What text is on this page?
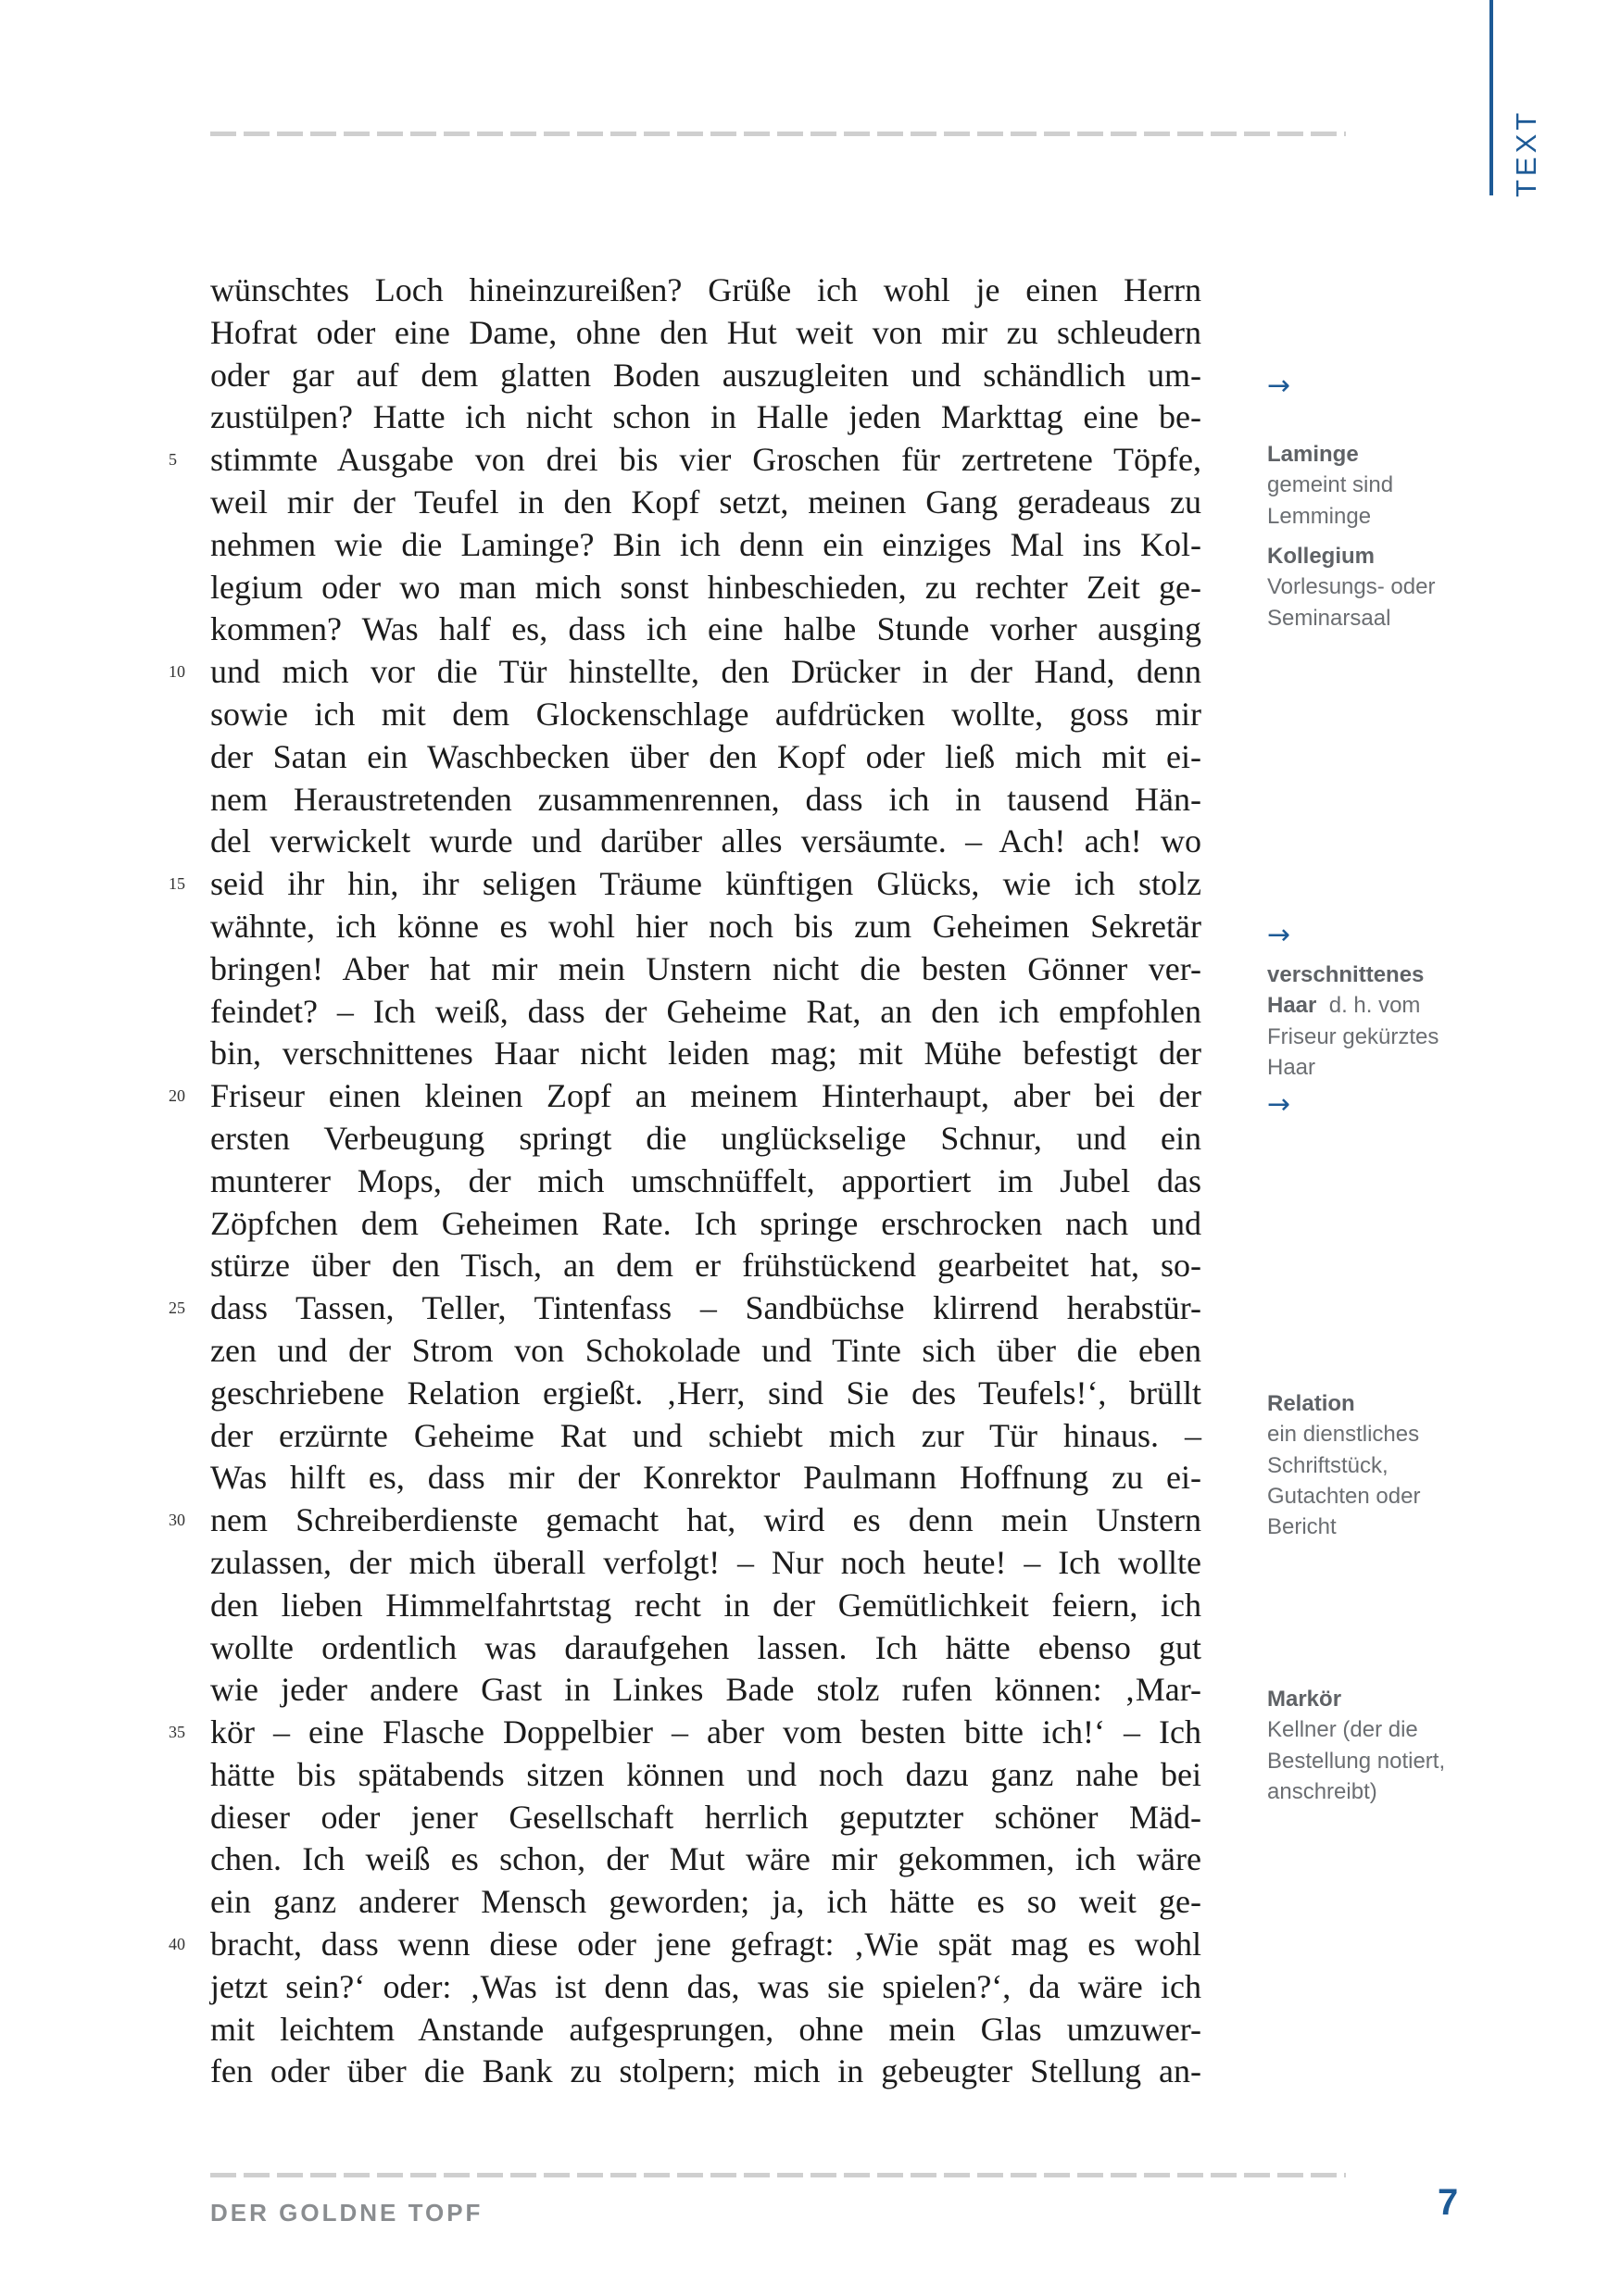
TEXT
wünschtes Loch hineinzureißen? Grüße ich wohl je einen Herrn
Hofrat oder eine Dame, ohne den Hut weit von mir zu schleudern
oder gar auf dem glatten Boden auszugleiten und schändlich um-
zustülpen? Hatte ich nicht schon in Halle jeden Markttag eine be-
stimmte Ausgabe von drei bis vier Groschen für zertretene Töpfe,
5
weil mir der Teufel in den Kopf setzt, meinen Gang geradeaus zu
nehmen wie die Laminge? Bin ich denn ein einziges Mal ins Kol-
legium oder wo man mich sonst hinbeschieden, zu rechter Zeit ge-
kommen? Was half es, dass ich eine halbe Stunde vorher ausging
und mich vor die Tür hinstellte, den Drücker in der Hand, denn
10
sowie ich mit dem Glockenschlage aufdrücken wollte, goss mir
der Satan ein Waschbecken über den Kopf oder ließ mich mit ei-
nem Heraustretenden zusammenrennen, dass ich in tausend Hän-
del verwickelt wurde und darüber alles versäumte. – Ach! ach! wo
seid ihr hin, ihr seligen Träume künftigen Glücks, wie ich stolz
15
wähnte, ich könne es wohl hier noch bis zum Geheimen Sekretär
bringen! Aber hat mir mein Unstern nicht die besten Gönner ver-
feindet? – Ich weiß, dass der Geheime Rat, an den ich empfohlen
bin, verschnittenes Haar nicht leiden mag; mit Mühe befestigt der
Friseur einen kleinen Zopf an meinem Hinterhaupt, aber bei der
20
ersten Verbeugung springt die unglückselige Schnur, und ein
munterer Mops, der mich umschnüffelt, apportiert im Jubel das
Zöpfchen dem Geheimen Rate. Ich springe erschrocken nach und
stürze über den Tisch, an dem er frühstückend gearbeitet hat, so-
dass Tassen, Teller, Tintenfass – Sandbüchse klirrend herabstür-
25
zen und der Strom von Schokolade und Tinte sich über die eben
geschriebene Relation ergießt. ‚Herr, sind Sie des Teufels!‘, brüllt
der erzürnte Geheime Rat und schiebt mich zur Tür hinaus. –
Was hilft es, dass mir der Konrektor Paulmann Hoffnung zu ei-
nem Schreiberdienste gemacht hat, wird es denn mein Unstern
30
zulassen, der mich überall verfolgt! – Nur noch heute! – Ich wollte
den lieben Himmelfahrtstag recht in der Gemütlichkeit feiern, ich
wollte ordentlich was daraufgehen lassen. Ich hätte ebenso gut
wie jeder andere Gast in Linkes Bade stolz rufen können: ‚Mar-
kör – eine Flasche Doppelbier – aber vom besten bitte ich!‘ – Ich
35
hätte bis spätabends sitzen können und noch dazu ganz nahe bei
dieser oder jener Gesellschaft herrlich geputzter schöner Mäd-
chen. Ich weiß es schon, der Mut wäre mir gekommen, ich wäre
ein ganz anderer Mensch geworden; ja, ich hätte es so weit ge-
bracht, dass wenn diese oder jene gefragt: ‚Wie spät mag es wohl
40
jetzt sein?‘ oder: ‚Was ist denn das, was sie spielen?‘, da wäre ich
mit leichtem Anstande aufgesprungen, ohne mein Glas umzuwer-
fen oder über die Bank zu stolpern; mich in gebeugter Stellung an-
→
Laminge
gemeint sind
Lemminge
Kollegium
Vorlesungs- oder
Seminarsaal
→
verschnittenes
Haar d. h. vom
Friseur gekürztes
Haar
→
Relation
ein dienstliches
Schriftstück,
Gutachten oder
Bericht
Markör
Kellner (der die
Bestellung notiert,
anschreibt)
DER GOLDNE TOPF	7
